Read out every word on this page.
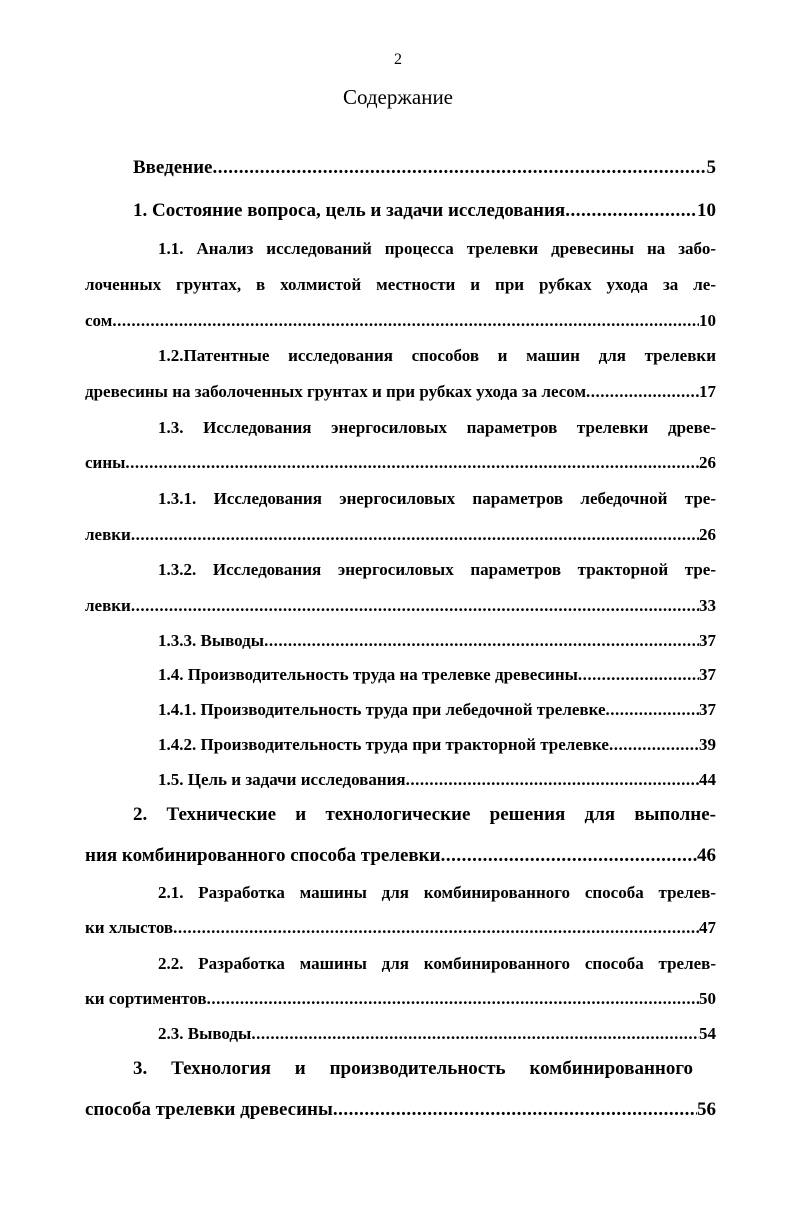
2
Содержание
Введение .....	5
1. Состояние вопроса, цель и задачи исследования .....	10
1.1. Анализ исследований процесса трелевки древесины на забо-
лоченных грунтах, в холмистой местности и при рубках ухода за ле-
сом .....	10
1.2.Патентные исследования способов и машин для трелевки
древесины на заболоченных грунтах и при рубках ухода за лесом .....	17
1.3. Исследования энергосиловых параметров трелевки древе-
сины .....	26
1.3.1. Исследования энергосиловых параметров лебедочной тре-
левки .....	26
1.3.2. Исследования энергосиловых параметров тракторной тре-
левки .....	33
1.3.3. Выводы .....	37
1.4. Производительность труда на трелевке древесины .....	37
1.4.1. Производительность труда при лебедочной трелевке .....	37
1.4.2. Производительность труда при тракторной трелевке .....	39
1.5. Цель и задачи исследования .....	44
2. Технические и технологические решения для выполне-
ния комбинированного способа трелевки .....	46
2.1. Разработка машины для комбинированного способа трелев-
ки хлыстов .....	47
2.2. Разработка машины для комбинированного способа трелев-
ки сортиментов .....	50
2.3. Выводы .....	54
3. Технология и производительность комбинированного
способа трелевки древесины .....	56
